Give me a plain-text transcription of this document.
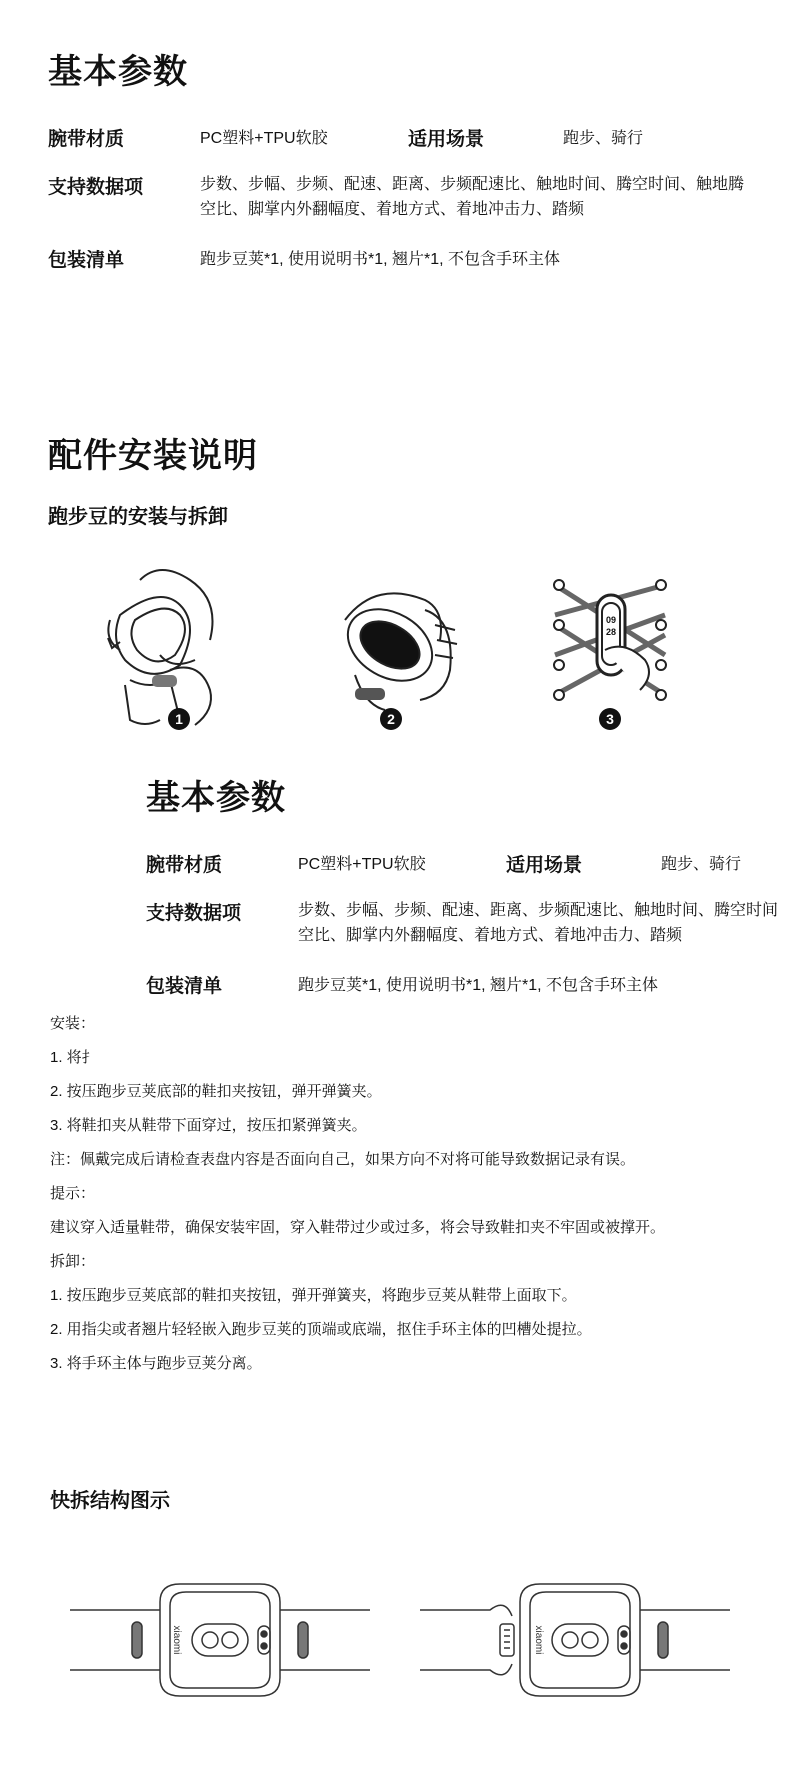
基本参数
腕带材质	PC塑料+TPU软胶	适用场景	跑步、骑行
支持数据项	步数、步幅、步频、配速、距离、步频配速比、触地时间、腾空时间、触地腾
空比、脚掌内外翻幅度、着地方式、着地冲击力、踏频
包装清单	跑步豆荚*1, 使用说明书*1, 翘片*1, 不包含手环主体
配件安装说明
跑步豆的安装与拆卸
1	2
09
28
3
基本参数
腕带材质	PC塑料+TPU软胶	适用场景	跑步、骑行
支持数据项	步数、步幅、步频、配速、距离、步频配速比、触地时间、腾空时间
空比、脚掌内外翻幅度、着地方式、着地冲击力、踏频
包装清单	跑步豆荚*1, 使用说明书*1, 翘片*1, 不包含手环主体
安装：
1. 将扌
2. 按压跑步豆荚底部的鞋扣夹按钮，弹开弹簧夹。
3. 将鞋扣夹从鞋带下面穿过，按压扣紧弹簧夹。
注：佩戴完成后请检查表盘内容是否面向自己，如果方向不对将可能导致数据记录有误。
提示：
建议穿入适量鞋带，确保安装牢固，穿入鞋带过少或过多，将会导致鞋扣夹不牢固或被撑开。
拆卸：
1. 按压跑步豆荚底部的鞋扣夹按钮，弹开弹簧夹，将跑步豆荚从鞋带上面取下。
2. 用指尖或者翘片轻轻嵌入跑步豆荚的顶端或底端，抠住手环主体的凹槽处提拉。
3. 将手环主体与跑步豆荚分离。
快拆结构图示
xiaomi	xiaomi
